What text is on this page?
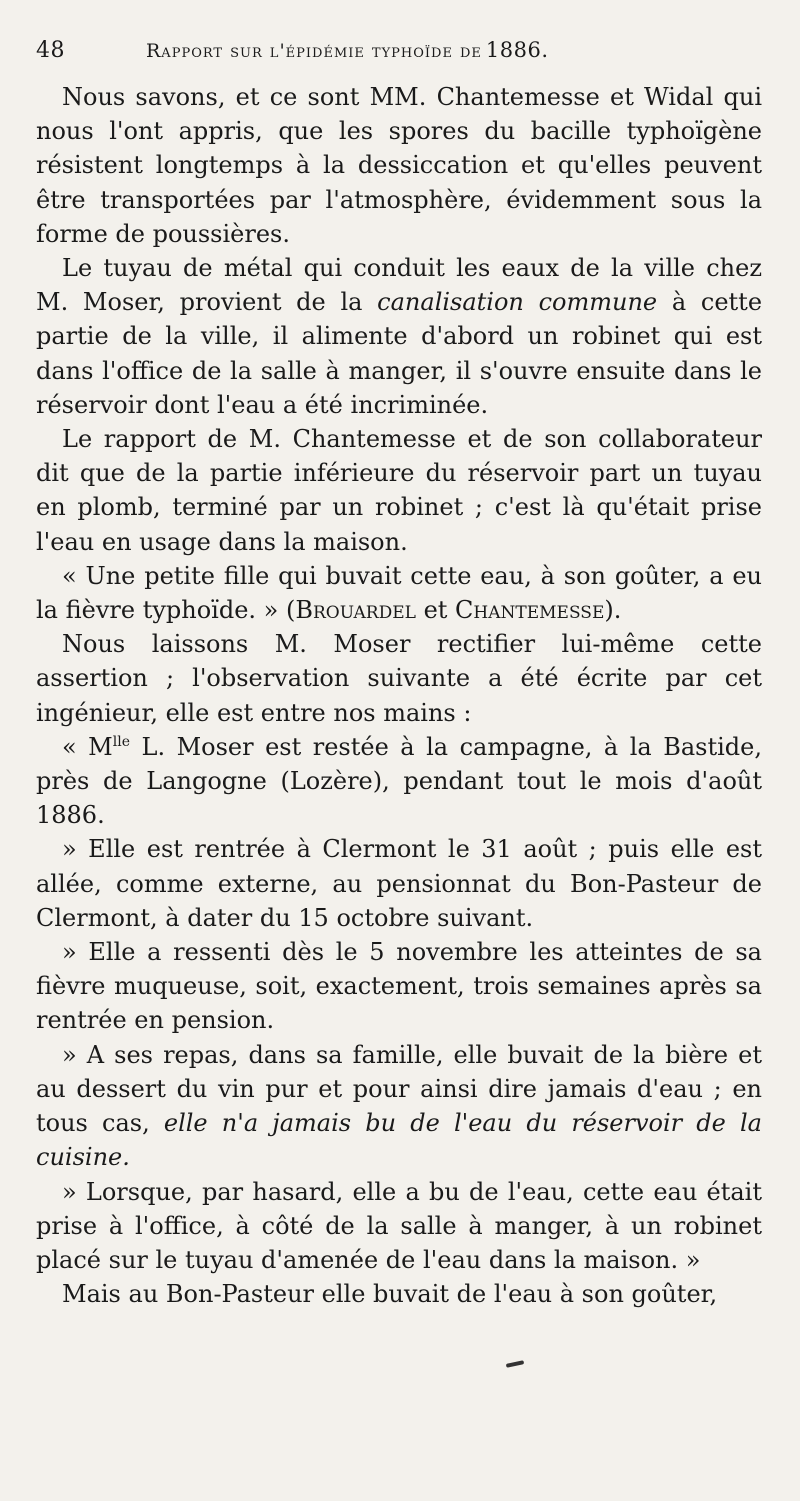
48	Rapport sur l'épidémie typhoïde de 1886.

Nous savons, et ce sont MM. Chantemesse et Widal qui nous l'ont appris, que les spores du bacille typhoïgène résistent longtemps à la dessiccation et qu'elles peuvent être transportées par l'atmosphère, évidemment sous la forme de poussières.

Le tuyau de métal qui conduit les eaux de la ville chez M. Moser, provient de la canalisation commune à cette partie de la ville, il alimente d'abord un robinet qui est dans l'office de la salle à manger, il s'ouvre ensuite dans le réservoir dont l'eau a été incriminée.

Le rapport de M. Chantemesse et de son collaborateur dit que de la partie inférieure du réservoir part un tuyau en plomb, terminé par un robinet ; c'est là qu'était prise l'eau en usage dans la maison.

« Une petite fille qui buvait cette eau, à son goûter, a eu la fièvre typhoïde. » (Brouardel et Chantemesse).

Nous laissons M. Moser rectifier lui-même cette assertion ; l'observation suivante a été écrite par cet ingénieur, elle est entre nos mains :

« $M^{lle}$ L. Moser est restée à la campagne, à la Bastide, près de Langogne (Lozère), pendant tout le mois d'août 1886.

» Elle est rentrée à Clermont le 31 août ; puis elle est allée, comme externe, au pensionnat du Bon-Pasteur de Clermont, à dater du 15 octobre suivant.

» Elle a ressenti dès le 5 novembre les atteintes de sa fièvre muqueuse, soit, exactement, trois semaines après sa rentrée en pension.

» A ses repas, dans sa famille, elle buvait de la bière et au dessert du vin pur et pour ainsi dire jamais d'eau ; en tous cas, elle n'a jamais bu de l'eau du réservoir de la cuisine.

» Lorsque, par hasard, elle a bu de l'eau, cette eau était prise à l'office, à côté de la salle à manger, à un robinet placé sur le tuyau d'amenée de l'eau dans la maison. »

Mais au Bon-Pasteur elle buvait de l'eau à son goûter,
